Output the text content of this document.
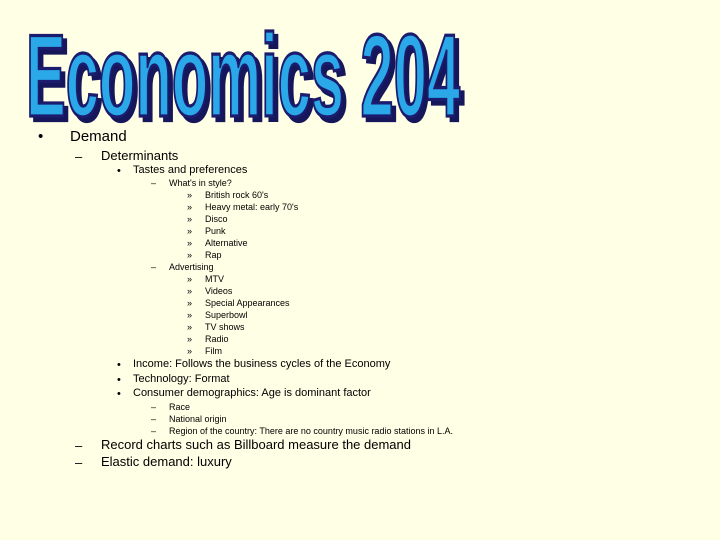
Economics 204
• Demand
– Determinants
• Tastes and preferences
– What's in style?
» British rock 60's
» Heavy metal: early 70's
» Disco
» Punk
» Alternative
» Rap
– Advertising
» MTV
» Videos
» Special Appearances
» Superbowl
» TV shows
» Radio
» Film
• Income: Follows the business cycles of the Economy
• Technology: Format
• Consumer demographics: Age is dominant factor
– Race
– National origin
– Region of the country: There are no country music radio stations in L.A.
– Record charts such as Billboard measure the demand
– Elastic demand: luxury
